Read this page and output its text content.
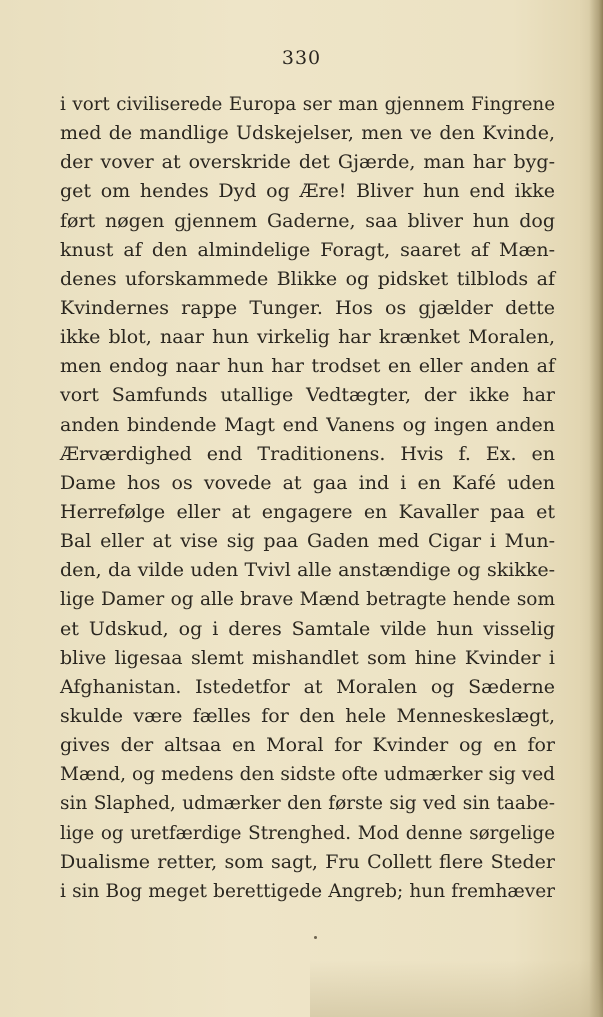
330
i vort civiliserede Europa ser man gjennem Fingrene
med de mandlige Udskejelser, men ve den Kvinde,
der vover at overskride det Gjærde, man har byg-
get om hendes Dyd og Ære! Bliver hun end ikke
ført nøgen gjennem Gaderne, saa bliver hun dog
knust af den almindelige Foragt, saaret af Mæn-
denes uforskammede Blikke og pidsket tilblods af
Kvindernes rappe Tunger. Hos os gjælder dette
ikke blot, naar hun virkelig har krænket Moralen,
men endog naar hun har trodset en eller anden af
vort Samfunds utallige Vedtægter, der ikke har
anden bindende Magt end Vanens og ingen anden
Ærværdighed end Traditionens. Hvis f. Ex. en
Dame hos os vovede at gaa ind i en Kafé uden
Herrefølge eller at engagere en Kavaller paa et
Bal eller at vise sig paa Gaden med Cigar i Mun-
den, da vilde uden Tvivl alle anstændige og skikke-
lige Damer og alle brave Mænd betragte hende som
et Udskud, og i deres Samtale vilde hun visselig
blive ligesaa slemt mishandlet som hine Kvinder i
Afghanistan. Istedetfor at Moralen og Sæderne
skulde være fælles for den hele Menneskeslægt,
gives der altsaa en Moral for Kvinder og en for
Mænd, og medens den sidste ofte udmærker sig ved
sin Slaphed, udmærker den første sig ved sin taabe-
lige og uretfærdige Strenghed. Mod denne sørgelige
Dualisme retter, som sagt, Fru Collett flere Steder
i sin Bog meget berettigede Angreb; hun fremhæver
